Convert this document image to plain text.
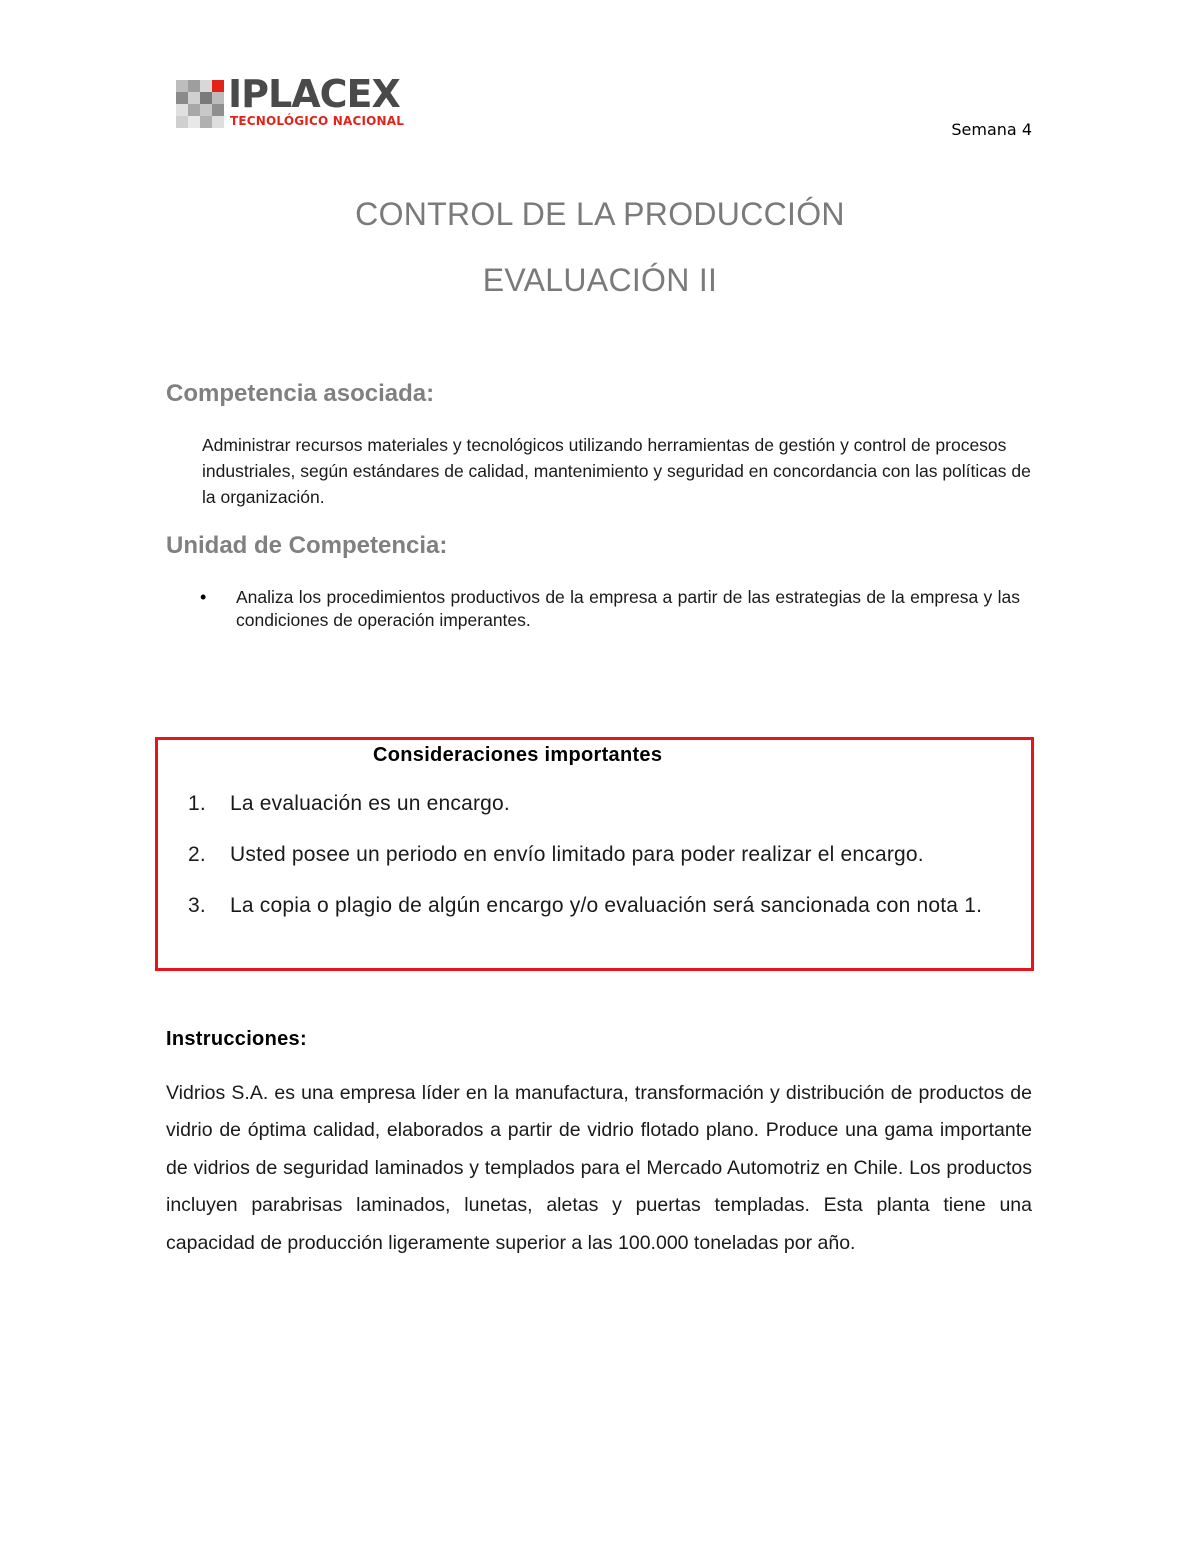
IPLACEX
TECNOLÓGICO NACIONAL	Semana 4
CONTROL DE LA PRODUCCIÓN
EVALUACIÓN II
Competencia asociada:
Administrar recursos materiales y tecnológicos utilizando herramientas de gestión y control de procesos industriales, según estándares de calidad, mantenimiento y seguridad en concordancia con las políticas de la organización.
Unidad de Competencia:
•	Analiza los procedimientos productivos de la empresa a partir de las estrategias de la empresa y las condiciones de operación imperantes.
Consideraciones importantes
1.	La evaluación es un encargo.
2.	Usted posee un periodo en envío limitado para poder realizar el encargo.
3.	La copia o plagio de algún encargo y/o evaluación será sancionada con nota 1.
Instrucciones:

Vidrios S.A. es una empresa líder en la manufactura, transformación y distribución de productos de vidrio de óptima calidad, elaborados a partir de vidrio flotado plano. Produce una gama importante de vidrios de seguridad laminados y templados para el Mercado Automotriz en Chile. Los productos incluyen parabrisas laminados, lunetas, aletas y puertas templadas. Esta planta tiene una capacidad de producción ligeramente superior a las 100.000 toneladas por año.
